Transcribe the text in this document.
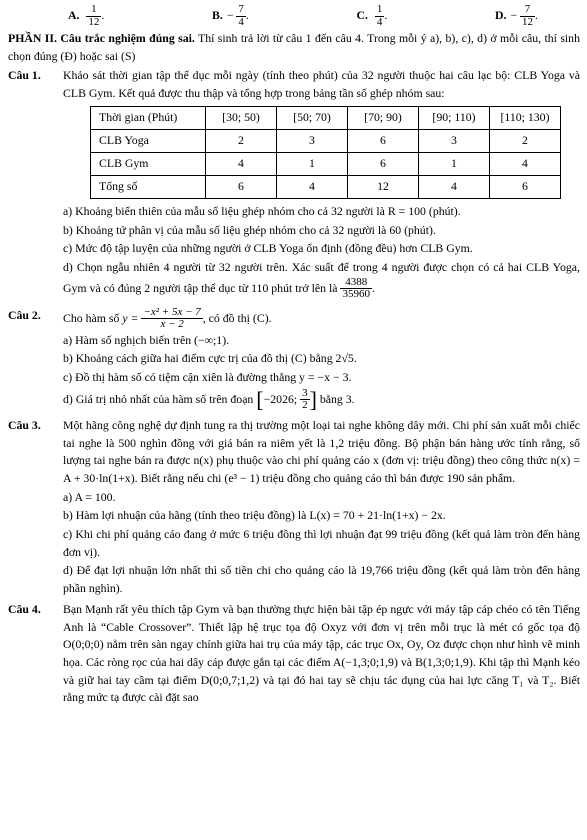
A. $\frac{1}{12}$ .	B. − $\frac{7}{4}$ .	C. $\frac{1}{4}$ .	D. − $\frac{7}{12}$ .
PHẦN II. Câu trắc nghiệm đúng sai. Thí sinh trả lời từ câu 1 đến câu 4. Trong mỗi ý a), b), c), d) ở mỗi câu, thí sinh chọn đúng (Đ) hoặc sai (S)
Câu 1.	Khảo sát thời gian tập thể dục mỗi ngày (tính theo phút) của 32 người thuộc hai câu lạc bộ: CLB Yoga và CLB Gym. Kết quả được thu thập và tổng hợp trong bảng tần số ghép nhóm sau:
Thời gian (Phút)	[30; 50)	[50; 70)	[70; 90)	[90; 110)	[110; 130)
CLB Yoga	2	3	6	3	2
CLB Gym	4	1	6	1	4
Tổng số	6	4	12	4	6
a) Khoảng biến thiên của mẫu số liệu ghép nhóm cho cả 32 người là R = 100 (phút).
b) Khoảng tứ phân vị của mẫu số liệu ghép nhóm cho cả 32 người là 60 (phút).
c) Mức độ tập luyện của những người ở CLB Yoga ổn định (đồng đều) hơn CLB Gym.
d) Chọn ngẫu nhiên 4 người từ 32 người trên. Xác suất để trong 4 người được chọn có cả hai CLB Yoga, Gym và có đúng 2 người tập thể dục từ 110 phút trở lên là $\frac{4388}{35960}$ .
Câu 2.	Cho hàm số $y = \frac{\text{−x² + 5x − 7}}{x - 2}$ , có đồ thị (C).
a) Hàm số nghịch biến trên (−∞;1).
b) Khoảng cách giữa hai điểm cực trị của đồ thị (C) bằng 2√5.
c) Đồ thị hàm số có tiệm cận xiên là đường thẳng y = −x − 3.
d) Giá trị nhỏ nhất của hàm số trên đoạn [−2026; $\frac{3}{2}$ ] bằng 3.
Câu 3.	Một hãng công nghệ dự định tung ra thị trường một loại tai nghe không dây mới. Chi phí sản xuất mỗi chiếc tai nghe là 500 nghìn đồng với giá bán ra niêm yết là 1,2 triệu đồng. Bộ phận bán hàng ước tính rằng, số lượng tai nghe bán ra được n(x) phụ thuộc vào chi phí quảng cáo x (đơn vị: triệu đồng) theo công thức n(x) = A + 30·ln(1+x). Biết rằng nếu chi (e³ − 1) triệu đồng cho quảng cáo thì bán được 190 sản phẩm.
a) A = 100.
b) Hàm lợi nhuận của hãng (tính theo triệu đồng) là L(x) = 70 + 21·ln(1+x) − 2x.
c) Khi chi phí quảng cáo đang ở mức 6 triệu đồng thì lợi nhuận đạt 99 triệu đồng (kết quả làm tròn đến hàng đơn vị).
d) Để đạt lợi nhuận lớn nhất thì số tiền chi cho quảng cáo là 19,766 triệu đồng (kết quả làm tròn đến hàng phần nghìn).
Câu 4.	Bạn Mạnh rất yêu thích tập Gym và bạn thường thực hiện bài tập ép ngực với máy tập cáp chéo có tên Tiếng Anh là “Cable Crossover”. Thiết lập hệ trục tọa độ Oxyz với đơn vị trên mỗi trục là mét có gốc tọa độ O(0;0;0) nằm trên sàn ngay chính giữa hai trụ của máy tập, các trục Ox, Oy, Oz được chọn như hình vẽ minh họa. Các ròng rọc của hai dây cáp được gắn tại các điểm A(−1,3;0;1,9) và B(1,3;0;1,9). Khi tập thì Mạnh kéo và giữ hai tay cầm tại điểm D(0;0,7;1,2) và tại đó hai tay sẽ chịu tác dụng của hai lực căng T₁ và T₂. Biết rằng mức tạ được cài đặt sao
